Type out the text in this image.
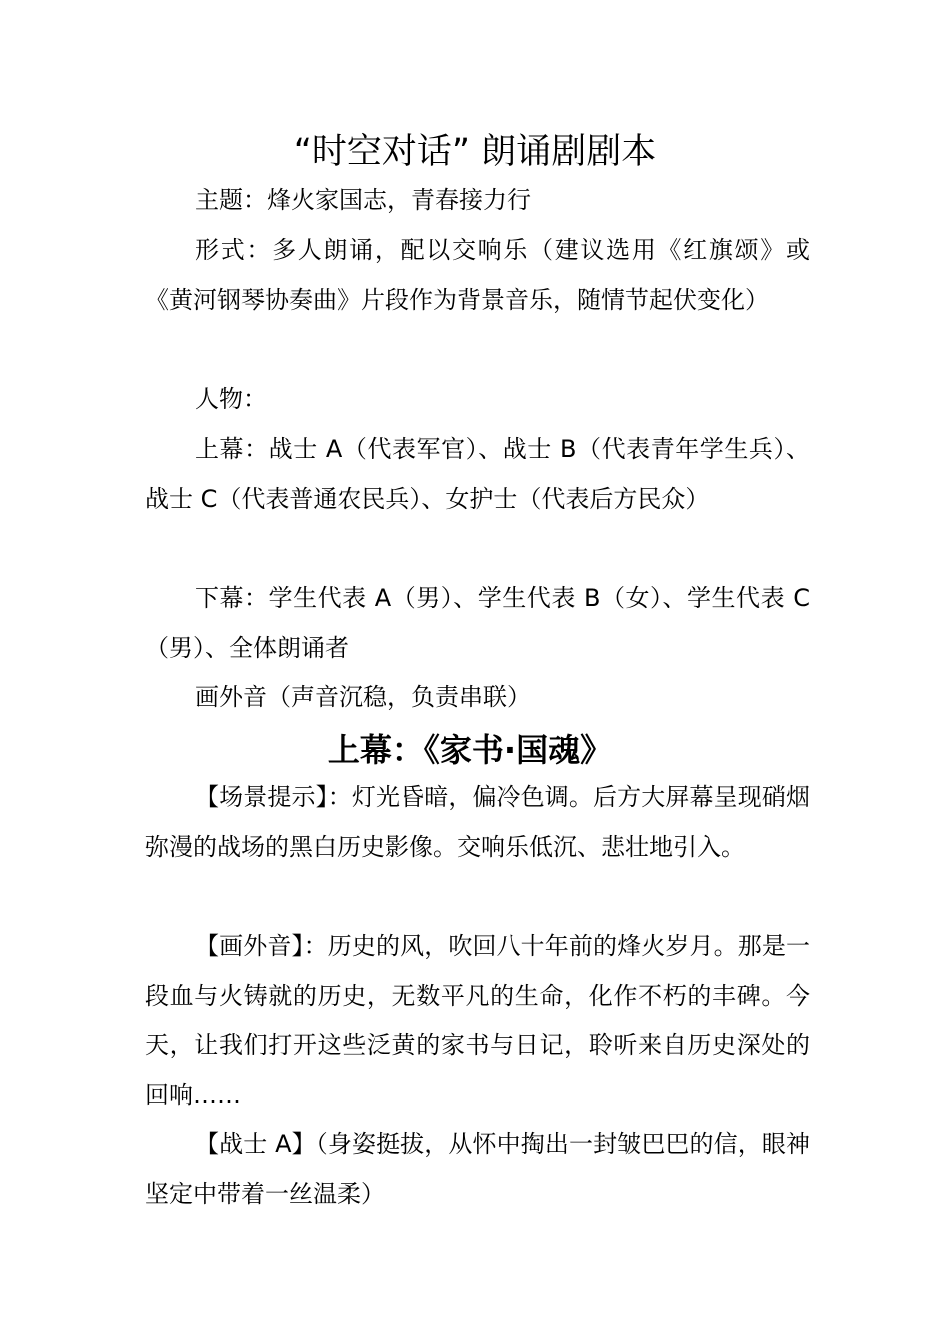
“时空对话” 朗诵剧剧本

主题：烽火家国志，青春接力行

形式：多人朗诵，配以交响乐（建议选用《红旗颂》或《黄河钢琴协奏曲》片段作为背景音乐，随情节起伏变化）

人物：

上幕：战士 A（代表军官）、战士 B（代表青年学生兵）、战士 C（代表普通农民兵）、女护士（代表后方民众）

下幕：学生代表 A（男）、学生代表 B（女）、学生代表 C（男）、全体朗诵者

画外音（声音沉稳，负责串联）

上幕：《家书·国魂》

【场景提示】：灯光昏暗，偏冷色调。后方大屏幕呈现硝烟弥漫的战场的黑白历史影像。交响乐低沉、悲壮地引入。

【画外音】：历史的风，吹回八十年前的烽火岁月。那是一段血与火铸就的历史，无数平凡的生命，化作不朽的丰碑。今天，让我们打开这些泛黄的家书与日记，聆听来自历史深处的回响……

【战士 A】（身姿挺拔，从怀中掏出一封皱巴巴的信，眼神坚定中带着一丝温柔）
